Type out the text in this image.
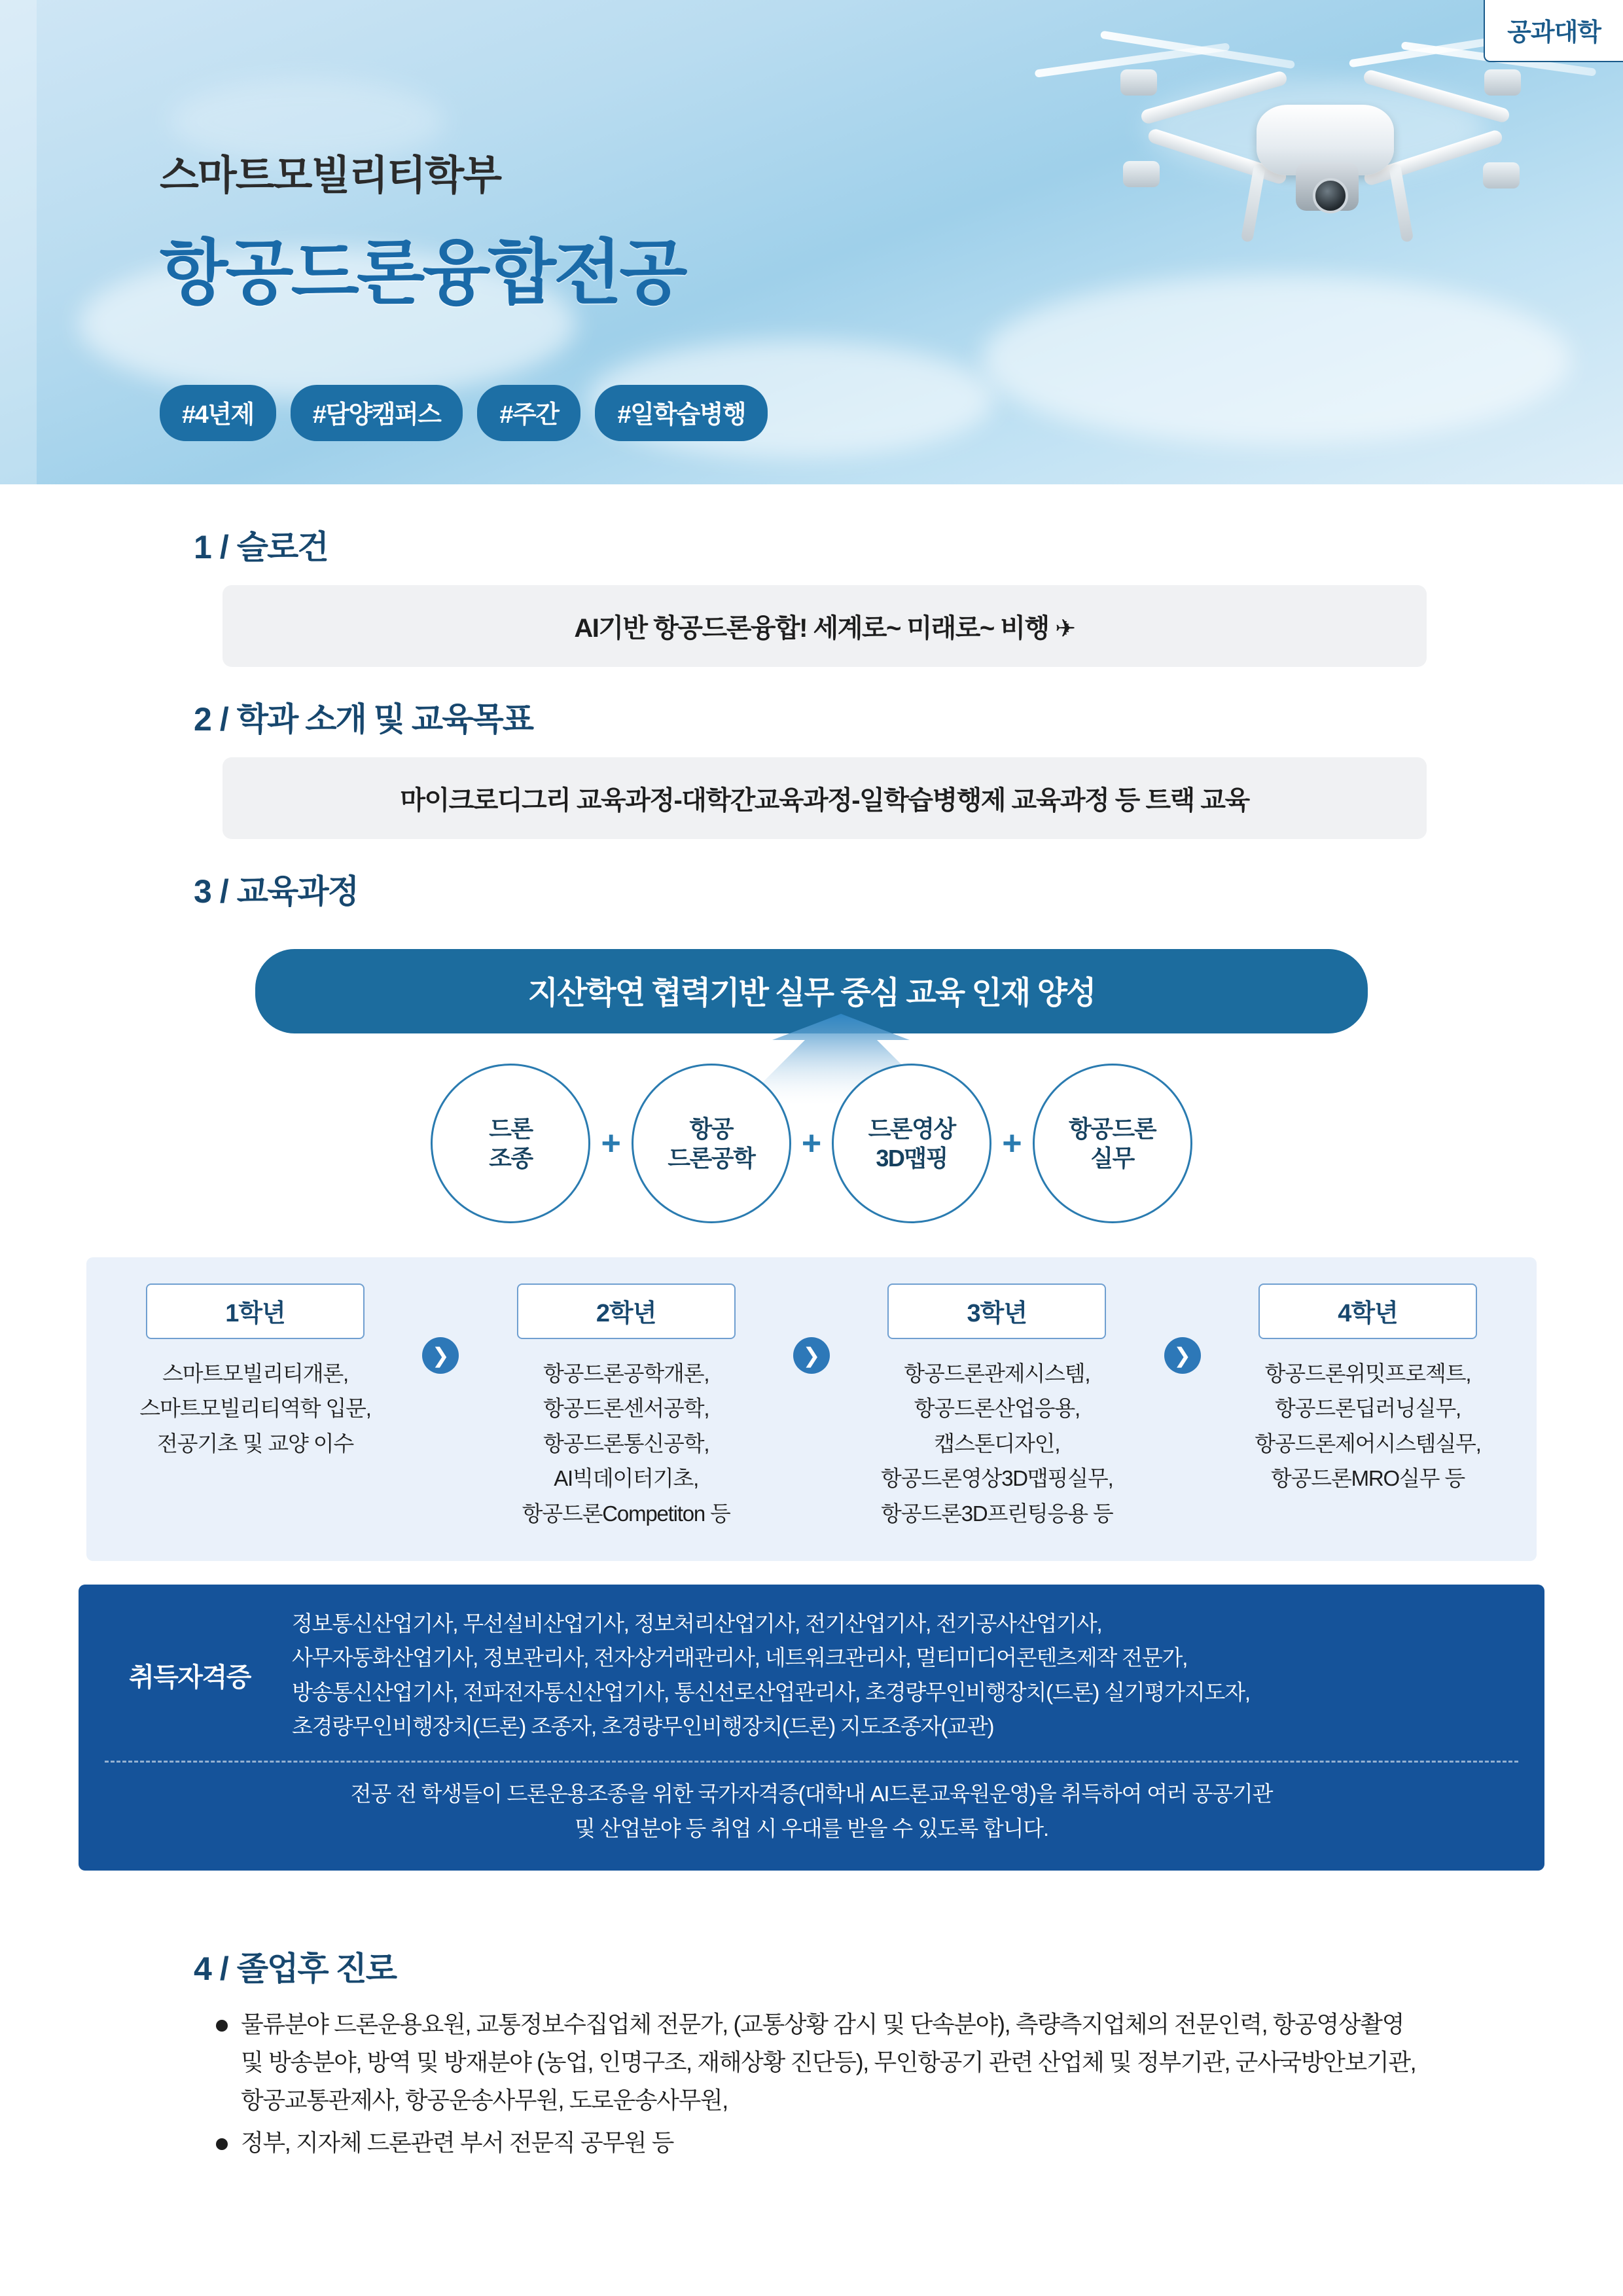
공과대학
스마트모빌리티학부
항공드론융합전공
#4년제	#담양캠퍼스	#주간	#일학습병행
1 / 슬로건
AI기반 항공드론융합! 세계로~ 미래로~ 비행 ✈
2 / 학과 소개 및 교육목표
마이크로디그리 교육과정-대학간교육과정-일학습병행제 교육과정 등 트랙 교육
3 / 교육과정
지산학연 협력기반 실무 중심 교육 인재 양성
드론
조종	+	항공
드론공학	+	드론영상
3D맵핑	+	항공드론
실무
1학년
스마트모빌리티개론,
스마트모빌리티역학 입문,
전공기초 및 교양 이수
❯
2학년
항공드론공학개론,
항공드론센서공학,
항공드론통신공학,
AI빅데이터기초,
항공드론Competiton 등
❯
3학년
항공드론관제시스템,
항공드론산업응용,
캡스톤디자인,
항공드론영상3D맵핑실무,
항공드론3D프린팅응용 등
❯
4학년
항공드론위밋프로젝트,
항공드론딥러닝실무,
항공드론제어시스템실무,
항공드론MRO실무 등
취득자격증
정보통신산업기사, 무선설비산업기사, 정보처리산업기사, 전기산업기사, 전기공사산업기사,
사무자동화산업기사, 정보관리사, 전자상거래관리사, 네트워크관리사, 멀티미디어콘텐츠제작 전문가,
방송통신산업기사, 전파전자통신산업기사, 통신선로산업관리사, 초경량무인비행장치(드론) 실기평가지도자,
초경량무인비행장치(드론) 조종자, 초경량무인비행장치(드론) 지도조종자(교관)
전공 전 학생들이 드론운용조종을 위한 국가자격증(대학내 AI드론교육원운영)을 취득하여 여러 공공기관
및 산업분야 등 취업 시 우대를 받을 수 있도록 합니다.
4 / 졸업후 진로
물류분야 드론운용요원, 교통정보수집업체 전문가, (교통상황 감시 및 단속분야), 측량측지업체의 전문인력, 항공영상촬영 및 방송분야, 방역 및 방재분야 (농업, 인명구조, 재해상황 진단등), 무인항공기 관련 산업체 및 정부기관, 군사국방안보기관,항공교통관제사, 항공운송사무원, 도로운송사무원,
정부, 지자체 드론관련 부서 전문직 공무원 등
